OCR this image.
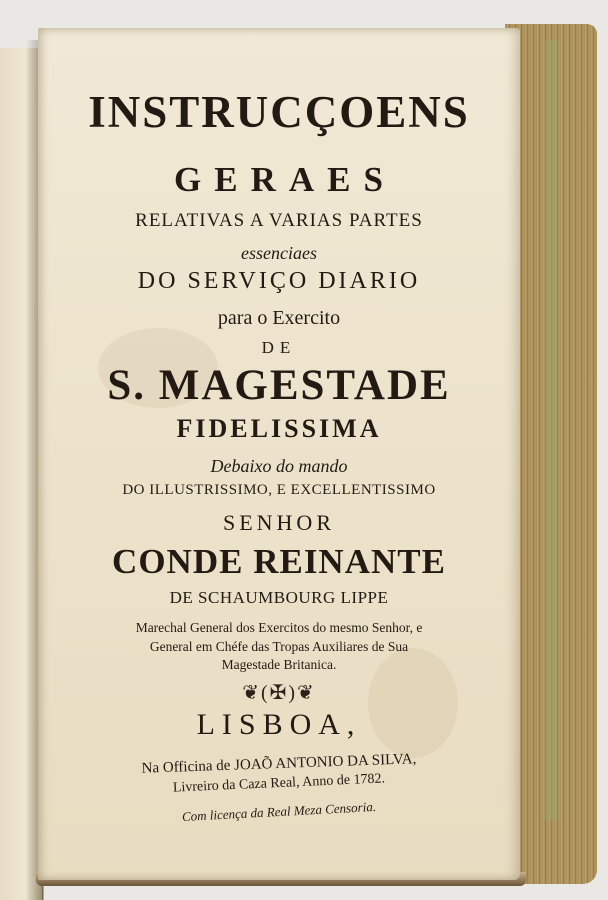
INSTRUCÇOENS
GERAES
RELATIVAS A VARIAS PARTES
essenciaes
DO SERVIÇO DIARIO
para o Exercito
DE
S. MAGESTADE
FIDELISSIMA
Debaixo do mando
DO ILLUSTRISSIMO, E EXCELLENTISSIMO
SENHOR
CONDE REINANTE
DE SCHAUMBOURG LIPPE
Marechal General dos Exercitos do mesmo Senhor, e
General em Chéfe das Tropas Auxiliares de Sua
Magestade Britanica.
❦(✠)❦
LISBOA,
Na Officina de JOAÕ ANTONIO DA SILVA,
Livreiro da Caza Real, Anno de 1782.
Com licença da Real Meza Censoria.
